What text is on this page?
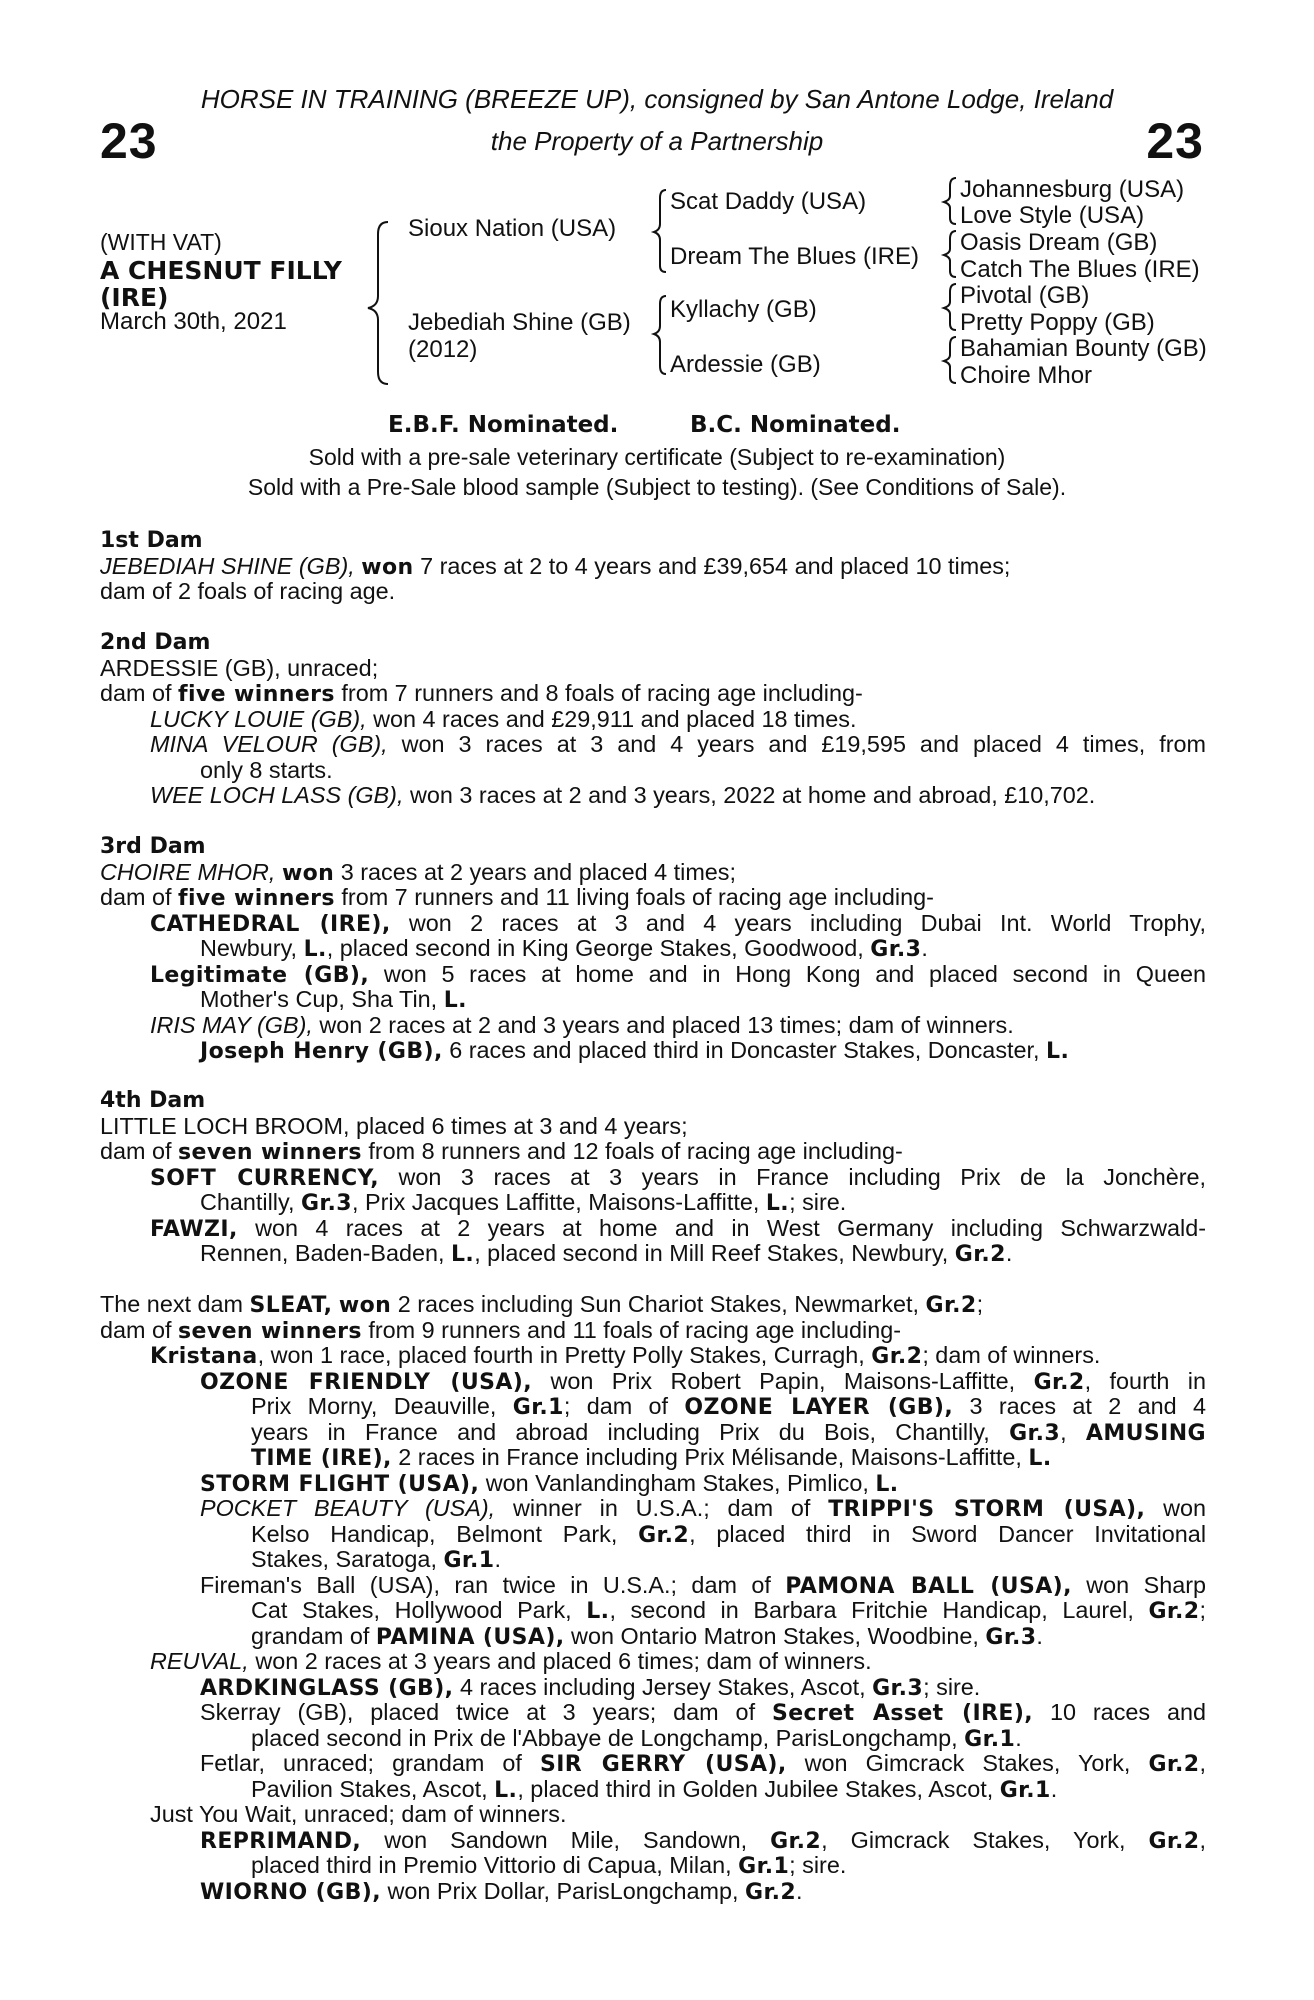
23	23
HORSE IN TRAINING (BREEZE UP), consigned by San Antone Lodge, Ireland
the Property of a Partnership
(WITH VAT)
A CHESNUT FILLY
(IRE)
March 30th, 2021
Sioux Nation (USA)
Jebediah Shine (GB)
(2012)
Scat Daddy (USA)
Dream The Blues (IRE)
Kyllachy (GB)
Ardessie (GB)
Johannesburg (USA)
Love Style (USA)
Oasis Dream (GB)
Catch The Blues (IRE)
Pivotal (GB)
Pretty Poppy (GB)
Bahamian Bounty (GB)
Choire Mhor
E.B.F. Nominated.	B.C. Nominated.
Sold with a pre-sale veterinary certificate (Subject to re-examination)
Sold with a Pre-Sale blood sample (Subject to testing). (See Conditions of Sale).
1st Dam
JEBEDIAH SHINE (GB), won 7 races at 2 to 4 years and £39,654 and placed 10 times;
dam of 2 foals of racing age.
2nd Dam
ARDESSIE (GB), unraced;
dam of five winners from 7 runners and 8 foals of racing age including-
LUCKY LOUIE (GB), won 4 races and £29,911 and placed 18 times.
MINA VELOUR (GB), won 3 races at 3 and 4 years and £19,595 and placed 4 times, from
only 8 starts.
WEE LOCH LASS (GB), won 3 races at 2 and 3 years, 2022 at home and abroad, £10,702.
3rd Dam
CHOIRE MHOR, won 3 races at 2 years and placed 4 times;
dam of five winners from 7 runners and 11 living foals of racing age including-
CATHEDRAL (IRE), won 2 races at 3 and 4 years including Dubai Int. World Trophy,
Newbury, L., placed second in King George Stakes, Goodwood, Gr.3.
Legitimate (GB), won 5 races at home and in Hong Kong and placed second in Queen
Mother's Cup, Sha Tin, L.
IRIS MAY (GB), won 2 races at 2 and 3 years and placed 13 times; dam of winners.
Joseph Henry (GB), 6 races and placed third in Doncaster Stakes, Doncaster, L.
4th Dam
LITTLE LOCH BROOM, placed 6 times at 3 and 4 years;
dam of seven winners from 8 runners and 12 foals of racing age including-
SOFT CURRENCY, won 3 races at 3 years in France including Prix de la Jonchère,
Chantilly, Gr.3, Prix Jacques Laffitte, Maisons-Laffitte, L.; sire.
FAWZI, won 4 races at 2 years at home and in West Germany including Schwarzwald-
Rennen, Baden-Baden, L., placed second in Mill Reef Stakes, Newbury, Gr.2.
The next dam SLEAT, won 2 races including Sun Chariot Stakes, Newmarket, Gr.2;
dam of seven winners from 9 runners and 11 foals of racing age including-
Kristana, won 1 race, placed fourth in Pretty Polly Stakes, Curragh, Gr.2; dam of winners.
OZONE FRIENDLY (USA), won Prix Robert Papin, Maisons-Laffitte, Gr.2, fourth in
Prix Morny, Deauville, Gr.1; dam of OZONE LAYER (GB), 3 races at 2 and 4
years in France and abroad including Prix du Bois, Chantilly, Gr.3, AMUSING
TIME (IRE), 2 races in France including Prix Mélisande, Maisons-Laffitte, L.
STORM FLIGHT (USA), won Vanlandingham Stakes, Pimlico, L.
POCKET BEAUTY (USA), winner in U.S.A.; dam of TRIPPI'S STORM (USA), won
Kelso Handicap, Belmont Park, Gr.2, placed third in Sword Dancer Invitational
Stakes, Saratoga, Gr.1.
Fireman's Ball (USA), ran twice in U.S.A.; dam of PAMONA BALL (USA), won Sharp
Cat Stakes, Hollywood Park, L., second in Barbara Fritchie Handicap, Laurel, Gr.2;
grandam of PAMINA (USA), won Ontario Matron Stakes, Woodbine, Gr.3.
REUVAL, won 2 races at 3 years and placed 6 times; dam of winners.
ARDKINGLASS (GB), 4 races including Jersey Stakes, Ascot, Gr.3; sire.
Skerray (GB), placed twice at 3 years; dam of Secret Asset (IRE), 10 races and
placed second in Prix de l'Abbaye de Longchamp, ParisLongchamp, Gr.1.
Fetlar, unraced; grandam of SIR GERRY (USA), won Gimcrack Stakes, York, Gr.2,
Pavilion Stakes, Ascot, L., placed third in Golden Jubilee Stakes, Ascot, Gr.1.
Just You Wait, unraced; dam of winners.
REPRIMAND, won Sandown Mile, Sandown, Gr.2, Gimcrack Stakes, York, Gr.2,
placed third in Premio Vittorio di Capua, Milan, Gr.1; sire.
WIORNO (GB), won Prix Dollar, ParisLongchamp, Gr.2.
